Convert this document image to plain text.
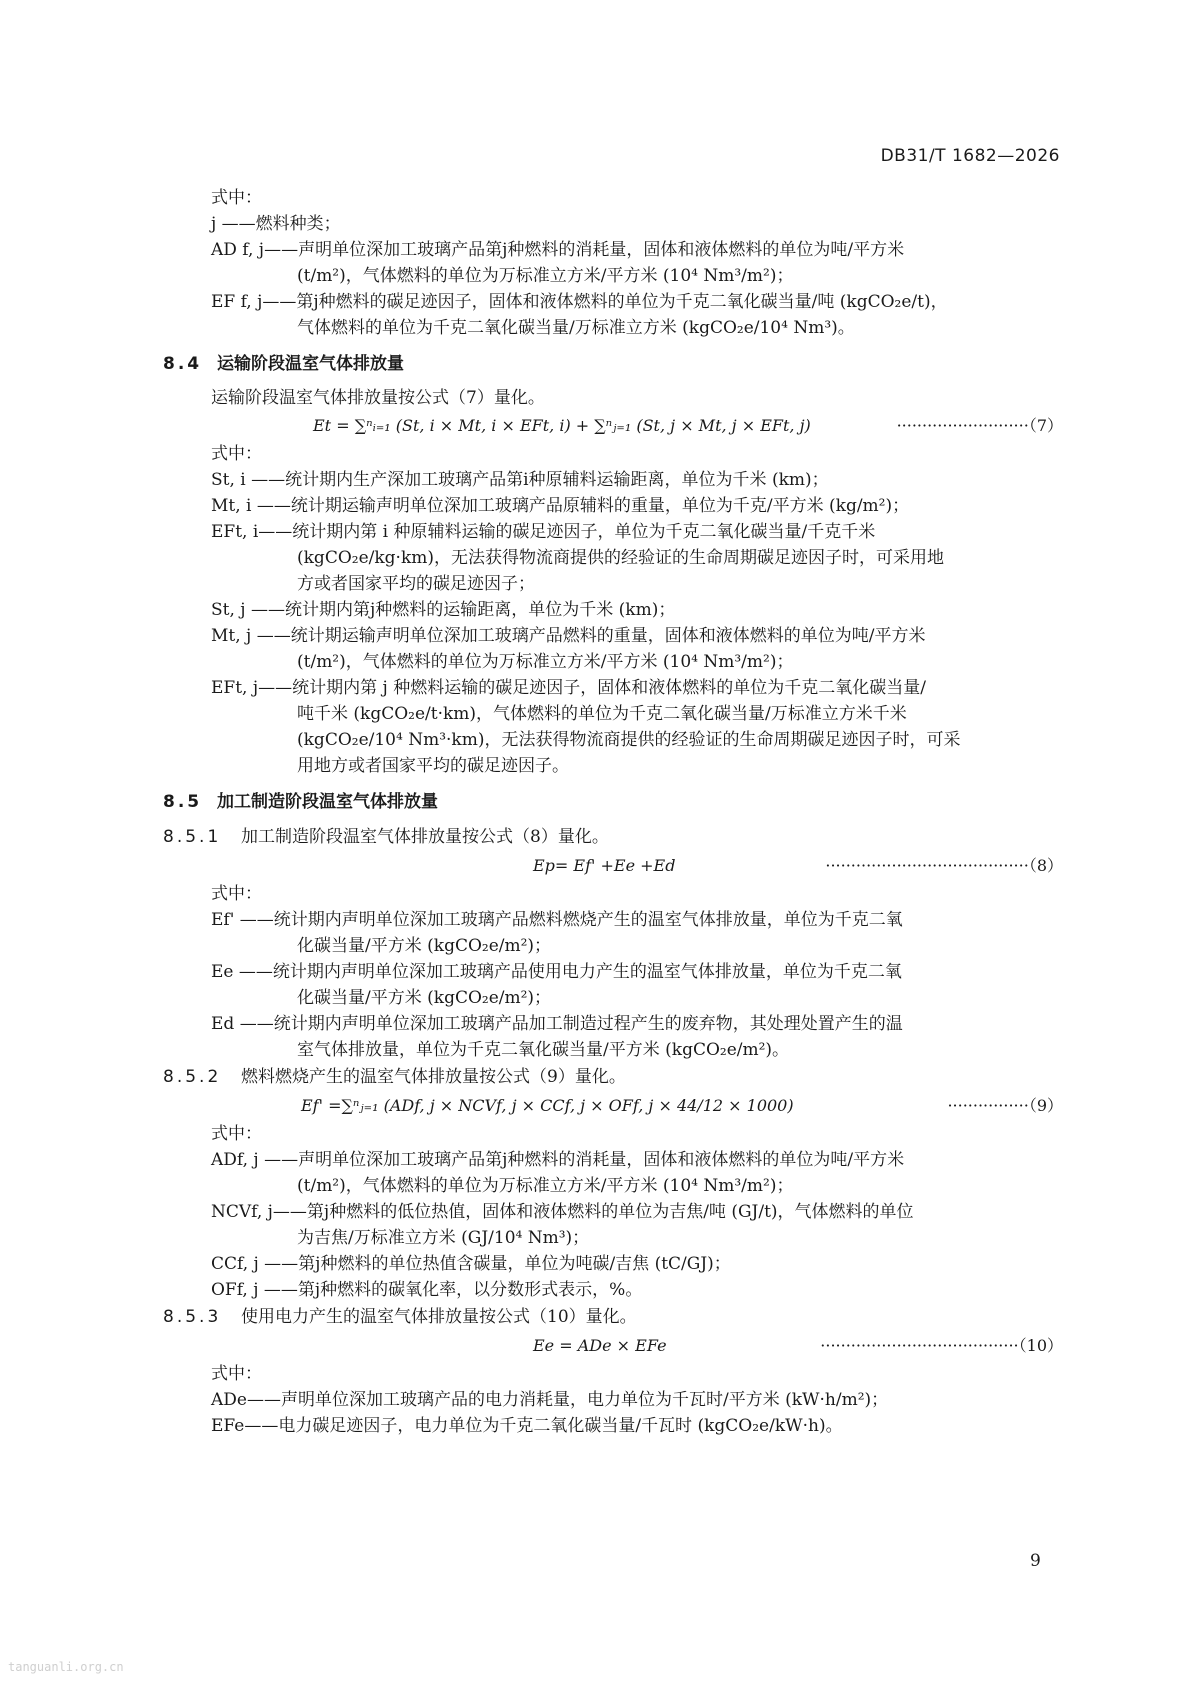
DB31/T 1682—2026
式中：
j ——燃料种类；
AD f, j——声明单位深加工玻璃产品第j种燃料的消耗量，固体和液体燃料的单位为吨/平方米
(t/m²)，气体燃料的单位为万标准立方米/平方米 (10⁴ Nm³/m²)；
EF f, j——第j种燃料的碳足迹因子，固体和液体燃料的单位为千克二氧化碳当量/吨 (kgCO₂e/t)，
气体燃料的单位为千克二氧化碳当量/万标准立方米 (kgCO₂e/10⁴ Nm³)。
8.4 运输阶段温室气体排放量
运输阶段温室气体排放量按公式（7）量化。
Et = ∑ⁿᵢ₌₁ (St, i × Mt, i × EFt, i) + ∑ⁿⱼ₌₁ (St, j × Mt, j × EFt, j)	··························（7）
式中：
St, i ——统计期内生产深加工玻璃产品第i种原辅料运输距离，单位为千米 (km)；
Mt, i ——统计期运输声明单位深加工玻璃产品原辅料的重量，单位为千克/平方米 (kg/m²)；
EFt, i——统计期内第 i 种原辅料运输的碳足迹因子，单位为千克二氧化碳当量/千克千米
(kgCO₂e/kg·km)，无法获得物流商提供的经验证的生命周期碳足迹因子时，可采用地
方或者国家平均的碳足迹因子；
St, j ——统计期内第j种燃料的运输距离，单位为千米 (km)；
Mt, j ——统计期运输声明单位深加工玻璃产品燃料的重量，固体和液体燃料的单位为吨/平方米
(t/m²)，气体燃料的单位为万标准立方米/平方米 (10⁴ Nm³/m²)；
EFt, j——统计期内第 j 种燃料运输的碳足迹因子，固体和液体燃料的单位为千克二氧化碳当量/
吨千米 (kgCO₂e/t·km)，气体燃料的单位为千克二氧化碳当量/万标准立方米千米
(kgCO₂e/10⁴ Nm³·km)，无法获得物流商提供的经验证的生命周期碳足迹因子时，可采
用地方或者国家平均的碳足迹因子。
8.5 加工制造阶段温室气体排放量
8.5.1 加工制造阶段温室气体排放量按公式（8）量化。
Ep= Ef' +Ee +Ed	········································（8）
式中：
Ef' ——统计期内声明单位深加工玻璃产品燃料燃烧产生的温室气体排放量，单位为千克二氧
化碳当量/平方米 (kgCO₂e/m²)；
Ee ——统计期内声明单位深加工玻璃产品使用电力产生的温室气体排放量，单位为千克二氧
化碳当量/平方米 (kgCO₂e/m²)；
Ed ——统计期内声明单位深加工玻璃产品加工制造过程产生的废弃物，其处理处置产生的温
室气体排放量，单位为千克二氧化碳当量/平方米 (kgCO₂e/m²)。
8.5.2 燃料燃烧产生的温室气体排放量按公式（9）量化。
Ef' =∑ⁿⱼ₌₁ (ADf, j × NCVf, j × CCf, j × OFf, j × 44/12 × 1000)	················（9）
式中：
ADf, j ——声明单位深加工玻璃产品第j种燃料的消耗量，固体和液体燃料的单位为吨/平方米
(t/m²)，气体燃料的单位为万标准立方米/平方米 (10⁴ Nm³/m²)；
NCVf, j——第j种燃料的低位热值，固体和液体燃料的单位为吉焦/吨 (GJ/t)，气体燃料的单位
为吉焦/万标准立方米 (GJ/10⁴ Nm³)；
CCf, j ——第j种燃料的单位热值含碳量，单位为吨碳/吉焦 (tC/GJ)；
OFf, j ——第j种燃料的碳氧化率，以分数形式表示，%。
8.5.3 使用电力产生的温室气体排放量按公式（10）量化。
Ee = ADe × EFe	·······································（10）
式中：
ADe——声明单位深加工玻璃产品的电力消耗量，电力单位为千瓦时/平方米 (kW·h/m²)；
EFe——电力碳足迹因子，电力单位为千克二氧化碳当量/千瓦时 (kgCO₂e/kW·h)。
9
tanguanli.org.cn
